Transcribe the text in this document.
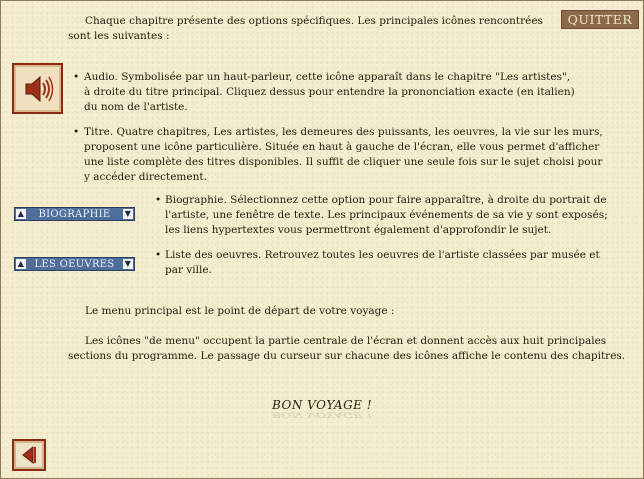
QUITTER
Chaque chapitre présente des options spécifiques. Les principales icônes rencontrées
sont les suivantes :
• Audio. Symbolisée par un haut-parleur, cette icône apparaît dans le chapitre "Les artistes",
à droite du titre principal. Cliquez dessus pour entendre la prononciation exacte (en italien)
du nom de l'artiste.
• Titre. Quatre chapitres, Les artistes, les demeures des puissants, les oeuvres, la vie sur les murs,
proposent une icône particulière. Située en haut à gauche de l'écran, elle vous permet d'afficher
une liste complète des titres disponibles. Il suffit de cliquer une seule fois sur le sujet choisi pour
y accéder directement.
▲	BIOGRAPHIE	▼
• Biographie. Sélectionnez cette option pour faire apparaître, à droite du portrait de
l'artiste, une fenêtre de texte. Les principaux événements de sa vie y sont exposés;
les liens hypertextes vous permettront également d'approfondir le sujet.
▲	LES OEUVRES	▼
• Liste des oeuvres. Retrouvez toutes les oeuvres de l'artiste classées par musée et
par ville.
Le menu principal est le point de départ de votre voyage :
Les icônes "de menu" occupent la partie centrale de l'écran et donnent accès aux huit principales
sections du programme. Le passage du curseur sur chacune des icônes affiche le contenu des chapitres.
BON VOYAGE !
BON VOYAGE !
